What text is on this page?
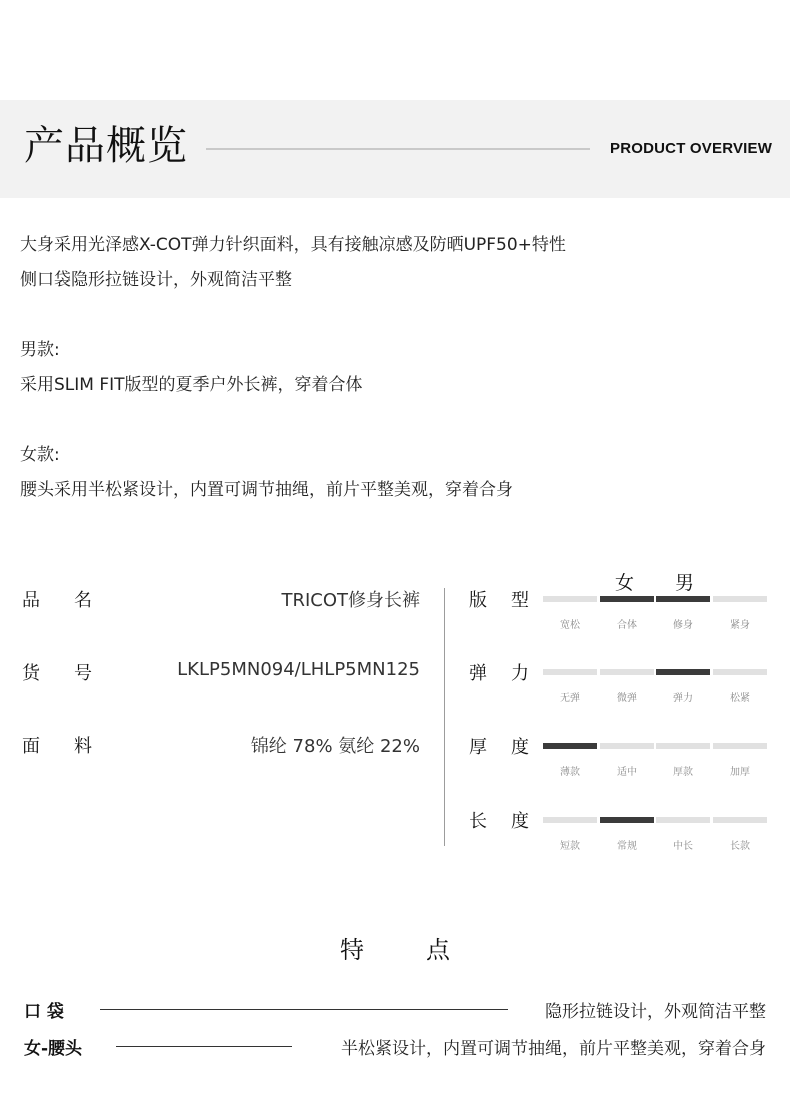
产品概览	PRODUCT OVERVIEW
大身采用光泽感X-COT弹力针织面料，具有接触凉感及防晒UPF50+特性
侧口袋隐形拉链设计，外观简洁平整
男款:
采用SLIM FIT版型的夏季户外长裤，穿着合体
女款:
腰头采用半松紧设计，内置可调节抽绳，前片平整美观，穿着合身
品 名	TRICOT修身长裤
货 号	LKLP5MN094/LHLP5MN125
面 料	锦纶 78% 氨纶 22%
女 男
版 型
宽松	合体	修身	紧身
弹 力
无弹	微弹	弹力	松紧
厚 度
薄款	适中	厚款	加厚
长 度
短款	常规	中长	长款
特	点
口 袋	隐形拉链设计，外观简洁平整
女-腰头	半松紧设计，内置可调节抽绳，前片平整美观，穿着合身
